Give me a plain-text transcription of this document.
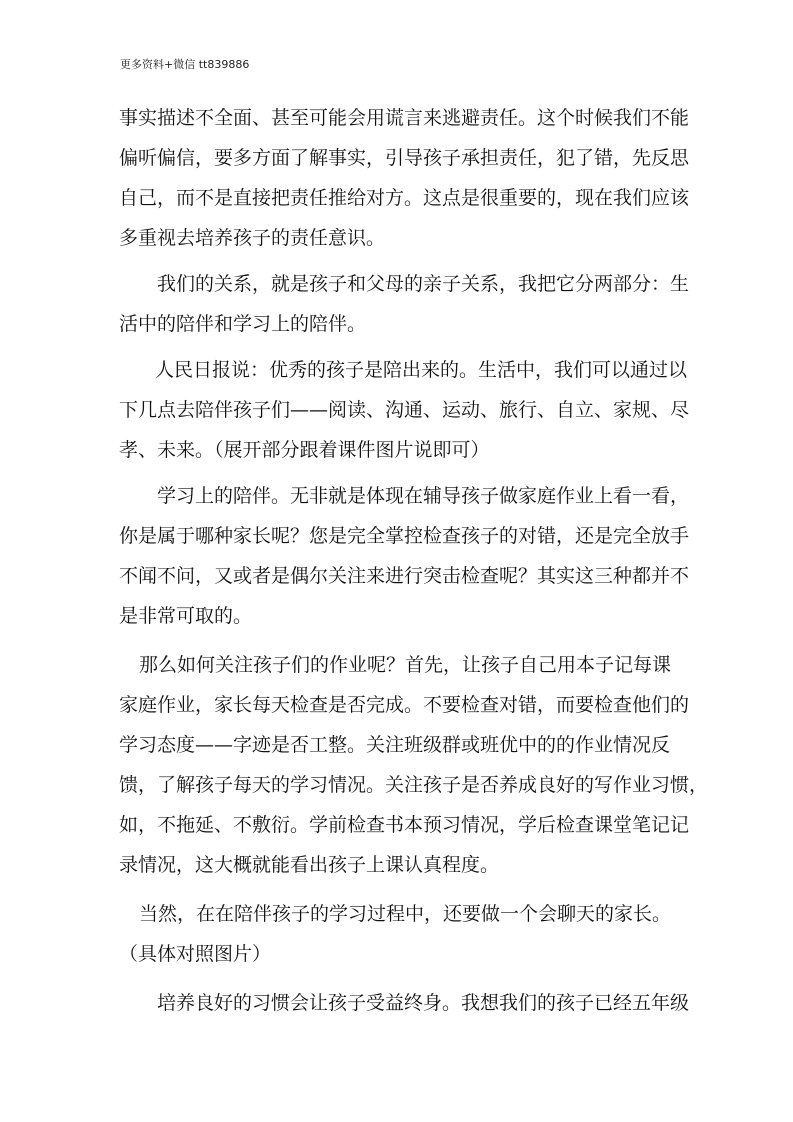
更多资料+微信 tt839886
事实描述不全面、甚至可能会用谎言来逃避责任。这个时候我们不能
偏听偏信，要多方面了解事实，引导孩子承担责任，犯了错，先反思
自己，而不是直接把责任推给对方。这点是很重要的，现在我们应该
多重视去培养孩子的责任意识。
我们的关系，就是孩子和父母的亲子关系，我把它分两部分：生
活中的陪伴和学习上的陪伴。
人民日报说：优秀的孩子是陪出来的。生活中，我们可以通过以
下几点去陪伴孩子们——阅读、沟通、运动、旅行、自立、家规、尽
孝、未来。（展开部分跟着课件图片说即可）
学习上的陪伴。无非就是体现在辅导孩子做家庭作业上看一看，
你是属于哪种家长呢？您是完全掌控检查孩子的对错，还是完全放手
不闻不问，又或者是偶尔关注来进行突击检查呢？其实这三种都并不
是非常可取的。
那么如何关注孩子们的作业呢？首先，让孩子自己用本子记每课
家庭作业，家长每天检查是否完成。不要检查对错，而要检查他们的
学习态度——字迹是否工整。关注班级群或班优中的的作业情况反
馈，了解孩子每天的学习情况。关注孩子是否养成良好的写作业习惯，
如，不拖延、不敷衍。学前检查书本预习情况，学后检查课堂笔记记
录情况，这大概就能看出孩子上课认真程度。
当然，在在陪伴孩子的学习过程中，还要做一个会聊天的家长。
（具体对照图片）
培养良好的习惯会让孩子受益终身。我想我们的孩子已经五年级
